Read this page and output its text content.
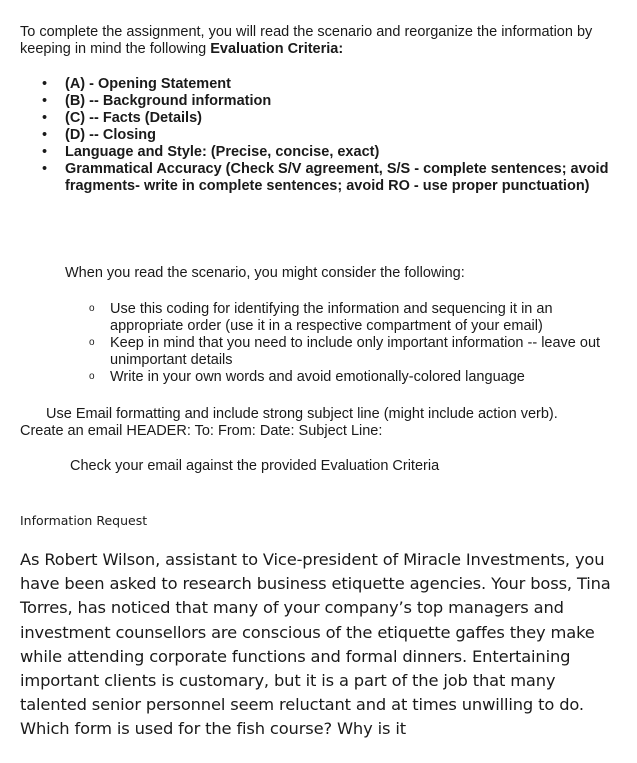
To complete the assignment, you will read the scenario and reorganize the information by keeping in mind the following Evaluation Criteria:
• (A) - Opening Statement
• (B) -- Background information
• (C) -- Facts (Details)
• (D) -- Closing
• Language and Style: (Precise, concise, exact)
• Grammatical Accuracy (Check S/V agreement, S/S - complete sentences; avoid fragments- write in complete sentences; avoid RO - use proper punctuation)
When you read the scenario, you might consider the following:
o Use this coding for identifying the information and sequencing it in an appropriate order (use it in a respective compartment of your email)
o Keep in mind that you need to include only important information -- leave out unimportant details
o Write in your own words and avoid emotionally-colored language
Use Email formatting and include strong subject line (might include action verb).
Create an email HEADER: To: From: Date: Subject Line:
Check your email against the provided Evaluation Criteria
Information Request
As Robert Wilson, assistant to Vice-president of Miracle Investments, you have been asked to research business etiquette agencies. Your boss, Tina Torres, has noticed that many of your company’s top managers and investment counsellors are conscious of the etiquette gaffes they make while attending corporate functions and formal dinners. Entertaining important clients is customary, but it is a part of the job that many talented senior personnel seem reluctant and at times unwilling to do. Which form is used for the fish course? Why is it
